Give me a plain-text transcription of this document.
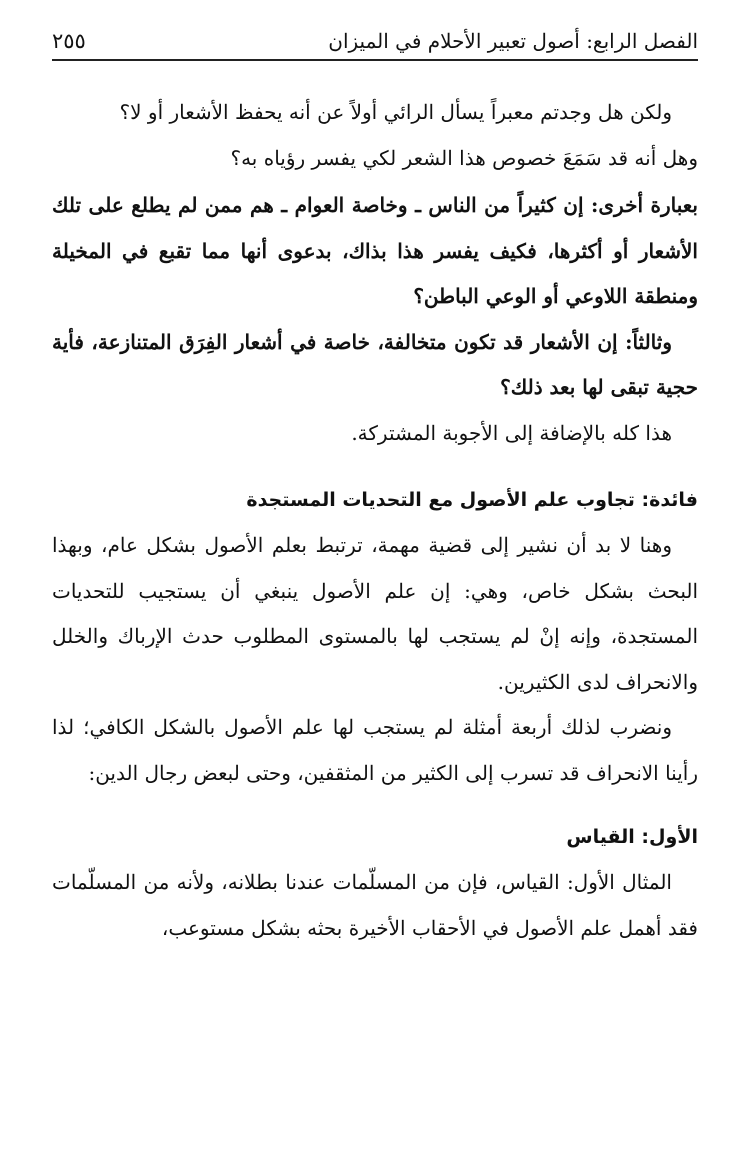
الفصل الرابع: أصول تعبير الأحلام في الميزان
٢٥٥

ولكن هل وجدتم معبراً يسأل الرائي أولاً عن أنه يحفظ الأشعار أو لا؟

وهل أنه قد سَمَعَ خصوص هذا الشعر لكي يفسر رؤياه به؟

بعبارة أخرى: إن كثيراً من الناس ـ وخاصة العوام ـ هم ممن لم يطلع على تلك الأشعار أو أكثرها، فكيف يفسر هذا بذاك، بدعوى أنها مما تقبع في المخيلة ومنطقة اللاوعي أو الوعي الباطن؟

وثالثاً: إن الأشعار قد تكون متخالفة، خاصة في أشعار الفِرَق المتنازعة، فأية حجية تبقى لها بعد ذلك؟

هذا كله بالإضافة إلى الأجوبة المشتركة.

فائدة: تجاوب علم الأصول مع التحديات المستجدة

وهنا لا بد أن نشير إلى قضية مهمة، ترتبط بعلم الأصول بشكل عام، وبهذا البحث بشكل خاص، وهي: إن علم الأصول ينبغي أن يستجيب للتحديات المستجدة، وإنه إنْ لم يستجب لها بالمستوى المطلوب حدث الإرباك والخلل والانحراف لدى الكثيرين.

ونضرب لذلك أربعة أمثلة لم يستجب لها علم الأصول بالشكل الكافي؛ لذا رأينا الانحراف قد تسرب إلى الكثير من المثقفين، وحتى لبعض رجال الدين:

الأول: القياس

المثال الأول: القياس، فإن من المسلّمات عندنا بطلانه، ولأنه من المسلّمات فقد أهمل علم الأصول في الأحقاب الأخيرة بحثه بشكل مستوعب،
